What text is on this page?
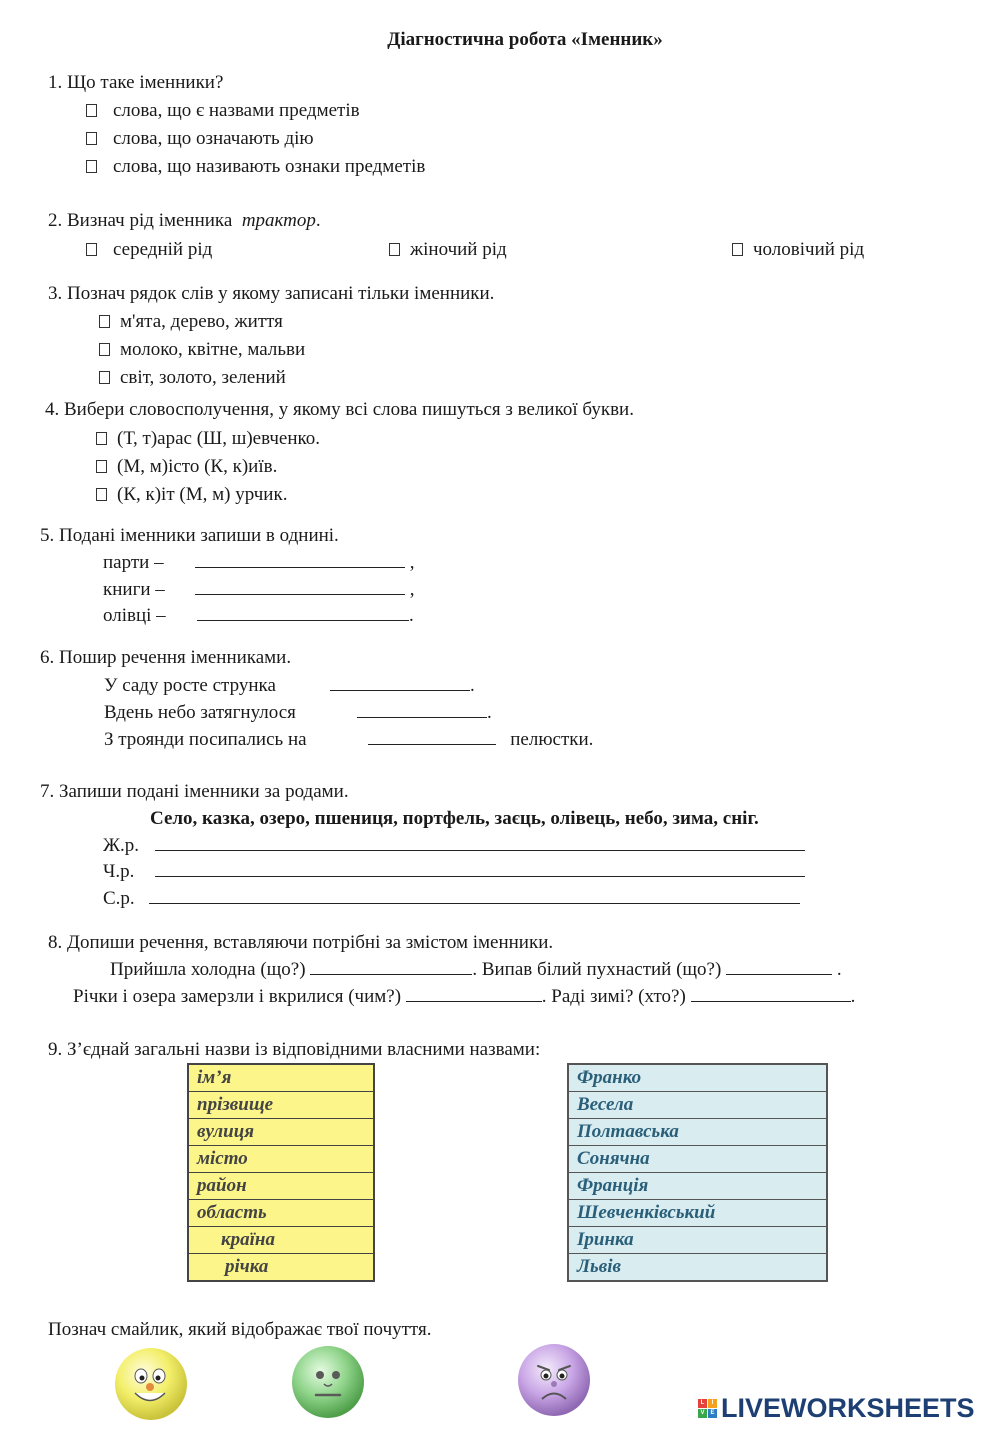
Діагностична робота «Іменник»
1. Що таке іменники?
слова, що є назвами предметів
слова, що означають дію
слова, що називають ознаки предметів
2. Визнач рід іменника трактор.
середній рід	жіночий рід	чоловічий рід
3. Познач рядок слів у якому записані тільки іменники.
м'ята, дерево, життя
молоко, квітне, мальви
світ, золото, зелений
4. Вибери словосполучення, у якому всі слова пишуться з великої букви.
(Т, т)арас (Ш, ш)евченко.
(М, м)істо (К, к)иїв.
(К, к)іт (М, м) урчик.
5. Подані іменники запиши в однині.
парти –	,
книги –	,
олівці –	.
6. Пошир речення іменниками.
У саду росте струнка	.
Вдень небо затягнулося	.
З троянди посипались на	пелюстки.
7. Запиши подані іменники за родами.
Село, казка, озеро, пшениця, портфель, заєць, олівець, небо, зима, сніг.
Ж.р.
Ч.р.
С.р.
8. Допиши речення, вставляючи потрібні за змістом іменники.
Прийшла холодна (що?)	. Випав білий пухнастий (що?)	.
Річки і озера замерзли і вкрилися (чим?)	. Раді зимі? (хто?)	.
9. З’єднай загальні назви із відповідними власними назвами:
ім’я
прізвище
вулиця
місто
район
область
країна
річка
Франко
Весела
Полтавська
Сонячна
Франція
Шевченківський
Іринка
Львів
Познач смайлик, який відображає твої почуття.
L	I
V E LIVEWORKSHEETS
